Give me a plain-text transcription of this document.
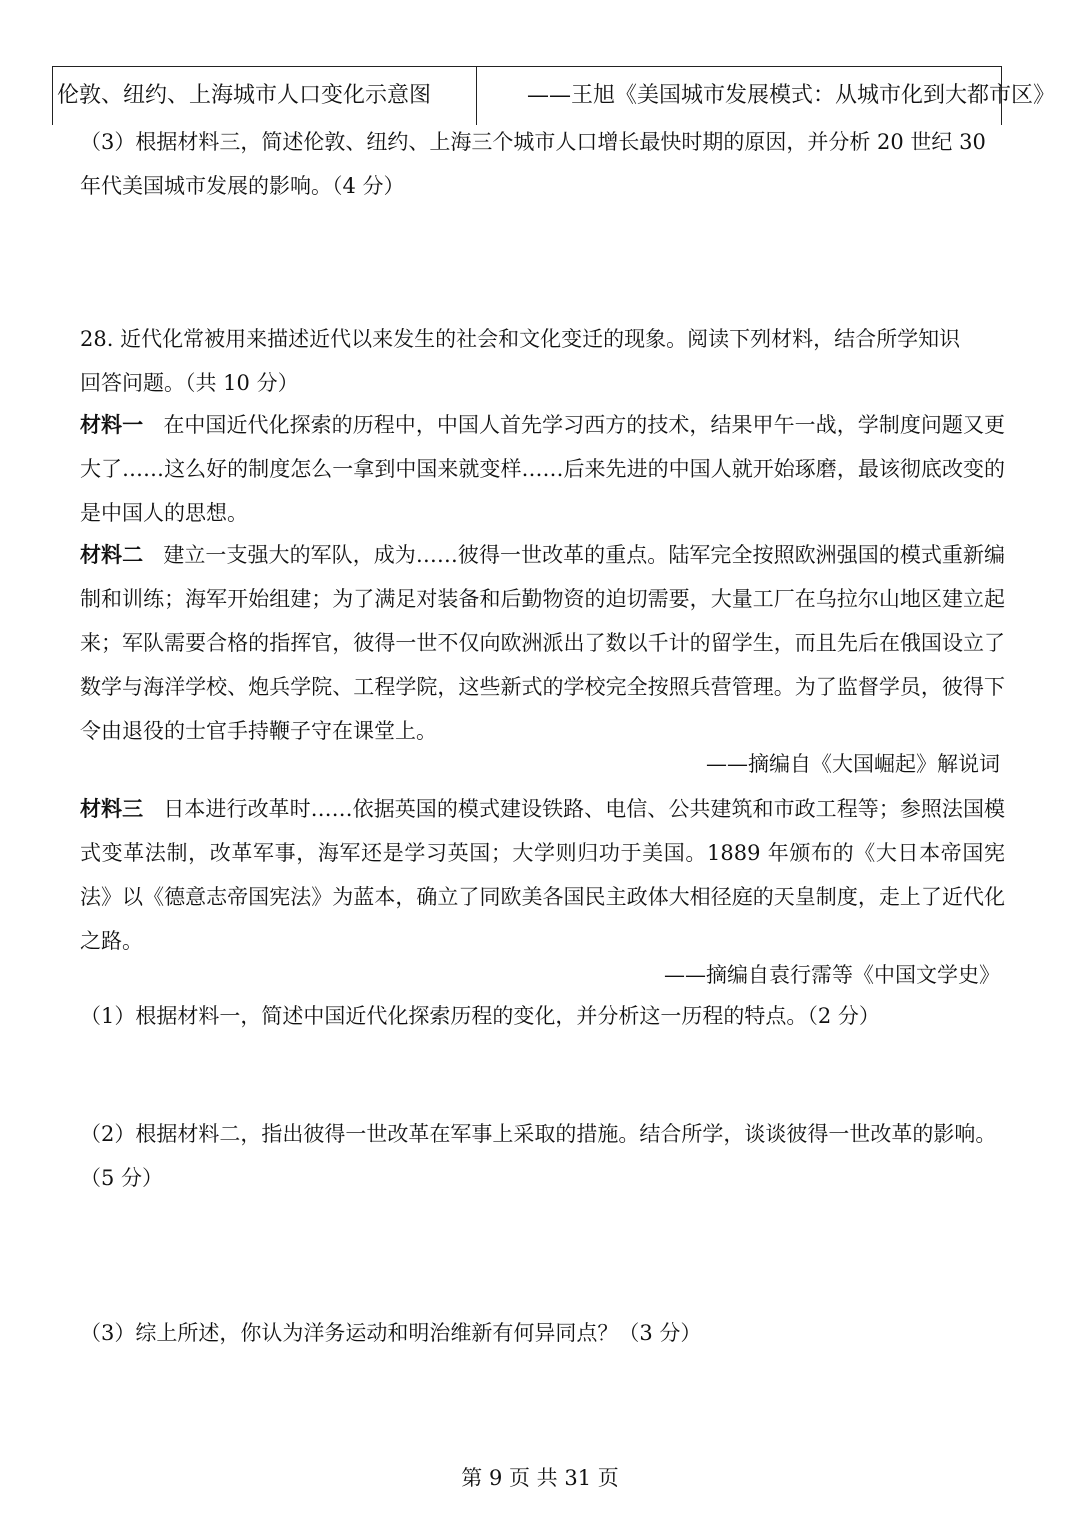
伦敦、纽约、上海城市人口变化示意图	——王旭《美国城市发展模式：从城市化到大都市区》
（3）根据材料三，简述伦敦、纽约、上海三个城市人口增长最快时期的原因，并分析 20 世纪 30
年代美国城市发展的影响。（4 分）
28. 近代化常被用来描述近代以来发生的社会和文化变迁的现象。阅读下列材料，结合所学知识
回答问题。（共 10 分）
材料一 在中国近代化探索的历程中，中国人首先学习西方的技术，结果甲午一战，学制度问题又更大了……这么好的制度怎么一拿到中国来就变样……后来先进的中国人就开始琢磨，最该彻底改变的是中国人的思想。
材料二 建立一支强大的军队，成为……彼得一世改革的重点。陆军完全按照欧洲强国的模式重新编制和训练；海军开始组建；为了满足对装备和后勤物资的迫切需要，大量工厂在乌拉尔山地区建立起来；军队需要合格的指挥官，彼得一世不仅向欧洲派出了数以千计的留学生，而且先后在俄国设立了数学与海洋学校、炮兵学院、工程学院，这些新式的学校完全按照兵营管理。为了监督学员，彼得下令由退役的士官手持鞭子守在课堂上。
——摘编自《大国崛起》解说词
材料三 日本进行改革时……依据英国的模式建设铁路、电信、公共建筑和市政工程等；参照法国模式变革法制，改革军事，海军还是学习英国；大学则归功于美国。1889 年颁布的《大日本帝国宪法》以《德意志帝国宪法》为蓝本，确立了同欧美各国民主政体大相径庭的天皇制度，走上了近代化之路。
——摘编自袁行霈等《中国文学史》
（1）根据材料一，简述中国近代化探索历程的变化，并分析这一历程的特点。（2 分）
（2）根据材料二，指出彼得一世改革在军事上采取的措施。结合所学，谈谈彼得一世改革的影响。
（5 分）
（3）综上所述，你认为洋务运动和明治维新有何异同点？（3 分）
第 9 页 共 31 页
